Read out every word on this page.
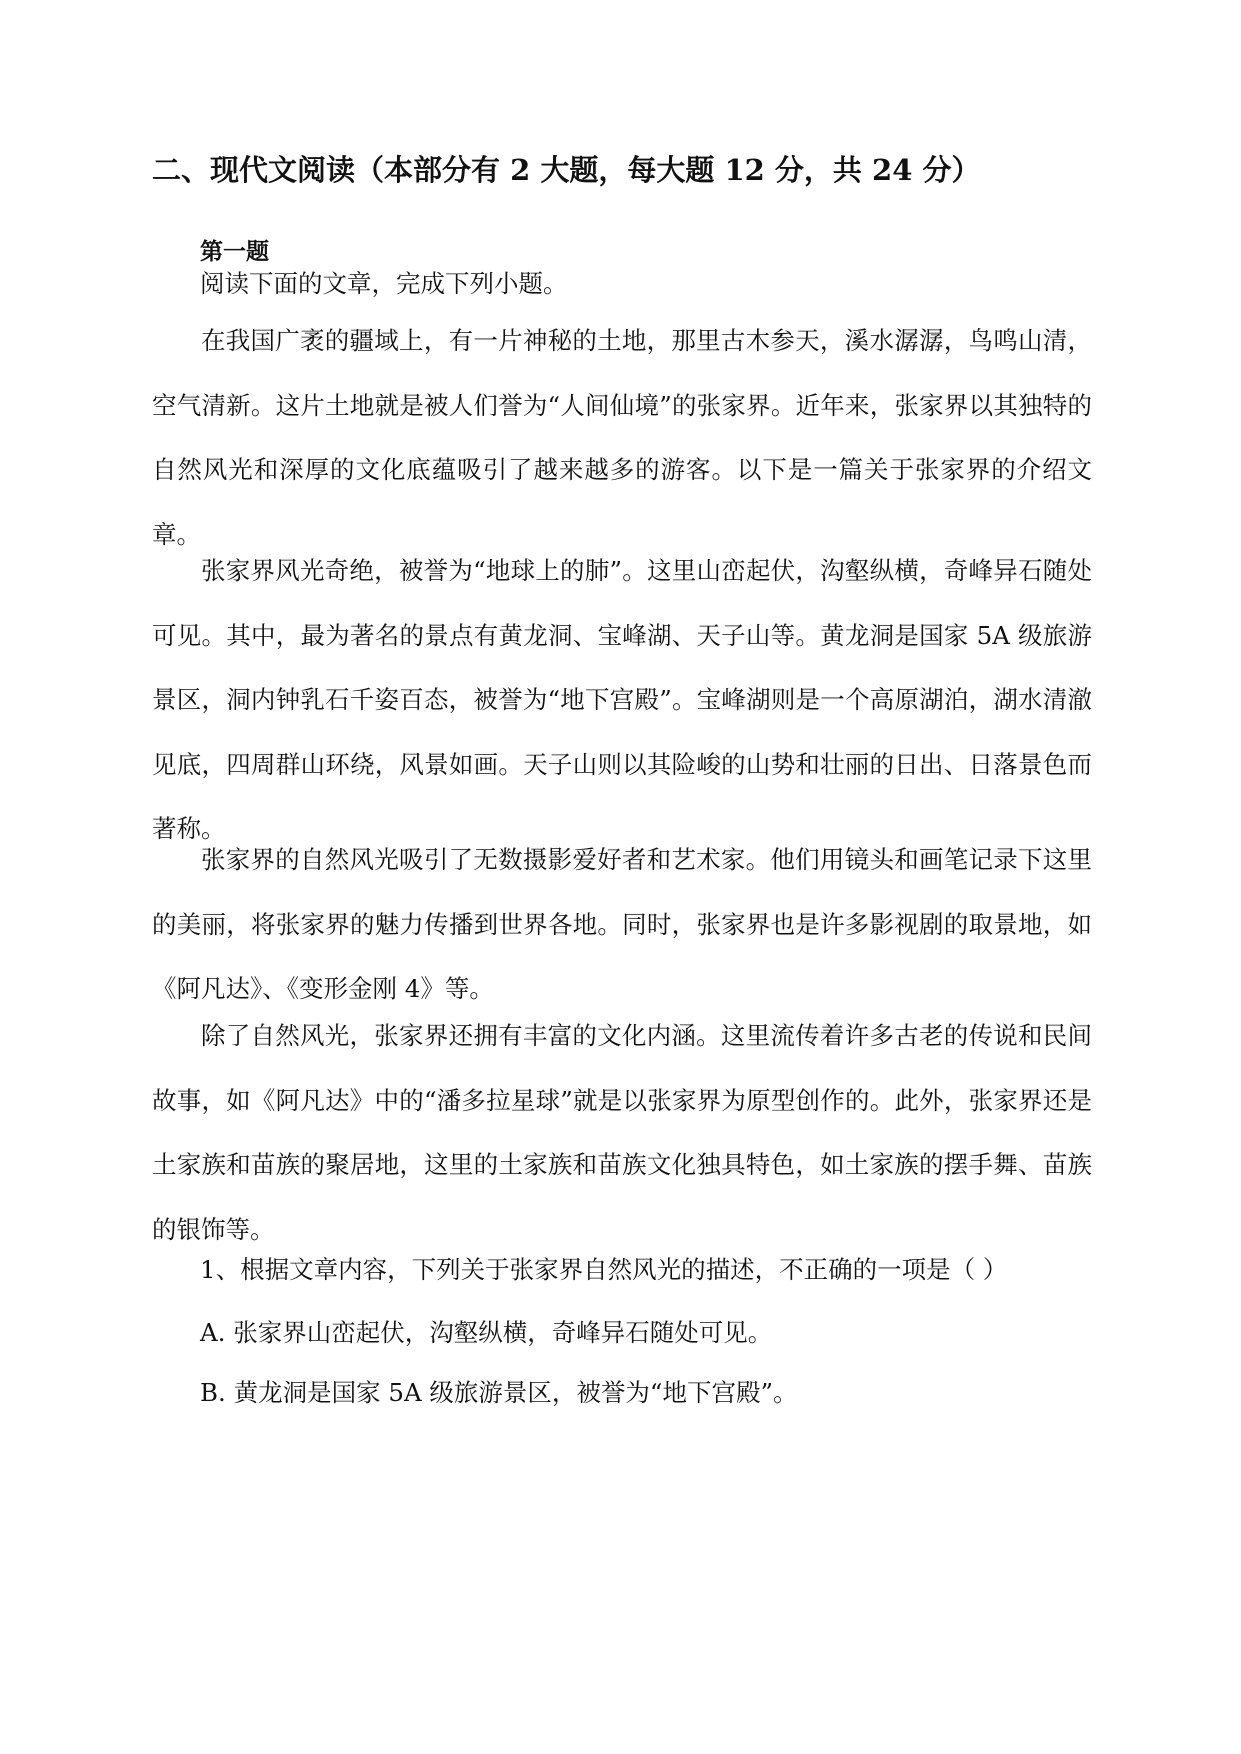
二、现代文阅读（本部分有 2 大题，每大题 12 分，共 24 分）
第一题

阅读下面的文章，完成下列小题。

在我国广袤的疆域上，有一片神秘的土地，那里古木参天，溪水潺潺，鸟鸣山清，空气清新。这片土地就是被人们誉为“人间仙境”的张家界。近年来，张家界以其独特的自然风光和深厚的文化底蕴吸引了越来越多的游客。以下是一篇关于张家界的介绍文章。

张家界风光奇绝，被誉为“地球上的肺”。这里山峦起伏，沟壑纵横，奇峰异石随处可见。其中，最为著名的景点有黄龙洞、宝峰湖、天子山等。黄龙洞是国家 5A 级旅游景区，洞内钟乳石千姿百态，被誉为“地下宫殿”。宝峰湖则是一个高原湖泊，湖水清澈见底，四周群山环绕，风景如画。天子山则以其险峻的山势和壮丽的日出、日落景色而著称。

张家界的自然风光吸引了无数摄影爱好者和艺术家。他们用镜头和画笔记录下这里的美丽，将张家界的魅力传播到世界各地。同时，张家界也是许多影视剧的取景地，如《阿凡达》、《变形金刚 4》等。

除了自然风光，张家界还拥有丰富的文化内涵。这里流传着许多古老的传说和民间故事，如《阿凡达》中的“潘多拉星球”就是以张家界为原型创作的。此外，张家界还是土家族和苗族的聚居地，这里的土家族和苗族文化独具特色，如土家族的摆手舞、苗族的银饰等。

1、根据文章内容，下列关于张家界自然风光的描述，不正确的一项是（ ）

A. 张家界山峦起伏，沟壑纵横，奇峰异石随处可见。

B. 黄龙洞是国家 5A 级旅游景区，被誉为“地下宫殿”。
